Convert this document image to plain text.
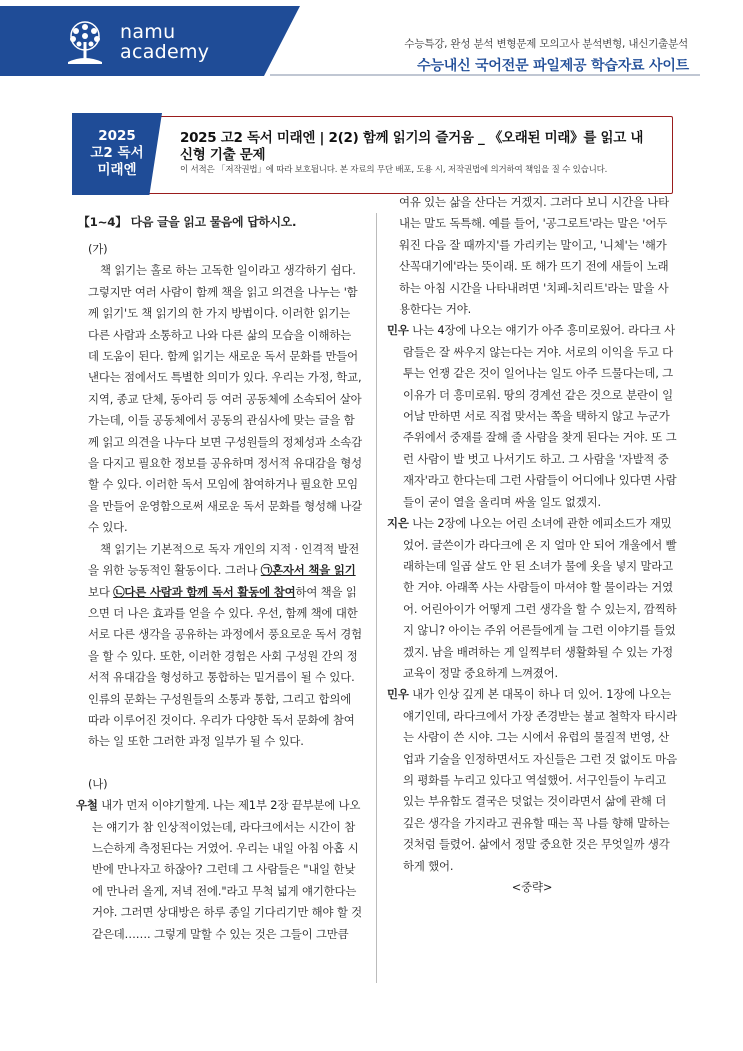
namu
academy	수능특강, 완성 분석 변형문제 모의고사 분석변형, 내신기출분석
수능내신 국어전문 파일제공 학습자료 사이트
2025
고2 독서
미래엔
2025 고2 독서 미래엔 | 2(2) 함께 읽기의 즐거움 _ 《오래된 미래》를 읽고 내신형 기출 문제
이 서적은 「저작권법」에 따라 보호됩니다. 본 자료의 무단 배포, 도용 시, 저작권법에 의거하여 책임을 질 수 있습니다.
【1~4】 다음 글을 읽고 물음에 답하시오.

(가)

책 읽기는 홀로 하는 고독한 일이라고 생각하기 쉽다. 그렇지만 여러 사람이 함께 책을 읽고 의견을 나누는 '함께 읽기'도 책 읽기의 한 가지 방법이다. 이러한 읽기는 다른 사람과 소통하고 나와 다른 삶의 모습을 이해하는 데 도움이 된다. 함께 읽기는 새로운 독서 문화를 만들어 낸다는 점에서도 특별한 의미가 있다. 우리는 가정, 학교, 지역, 종교 단체, 동아리 등 여러 공동체에 소속되어 살아가는데, 이들 공동체에서 공동의 관심사에 맞는 글을 함께 읽고 의견을 나누다 보면 구성원들의 정체성과 소속감을 다지고 필요한 정보를 공유하며 정서적 유대감을 형성할 수 있다. 이러한 독서 모임에 참여하거나 필요한 모임을 만들어 운영함으로써 새로운 독서 문화를 형성해 나갈 수 있다.

책 읽기는 기본적으로 독자 개인의 지적 · 인격적 발전을 위한 능동적인 활동이다. 그러나 ㉠혼자서 책을 읽기보다 ㉡다른 사람과 함께 독서 활동에 참여하여 책을 읽으면 더 나은 효과를 얻을 수 있다. 우선, 함께 책에 대한 서로 다른 생각을 공유하는 과정에서 풍요로운 독서 경험을 할 수 있다. 또한, 이러한 경험은 사회 구성원 간의 정서적 유대감을 형성하고 통합하는 밑거름이 될 수 있다. 인류의 문화는 구성원들의 소통과 통합, 그리고 합의에 따라 이루어진 것이다. 우리가 다양한 독서 문화에 참여하는 일 또한 그러한 과정 일부가 될 수 있다.

(나)

우철 내가 먼저 이야기할게. 나는 제1부 2장 끝부분에 나오는 얘기가 참 인상적이었는데, 라다크에서는 시간이 참 느슨하게 측정된다는 거였어. 우리는 내일 아침 아홉 시 반에 만나자고 하잖아? 그런데 그 사람들은 "내일 한낮에 만나러 올게, 저녁 전에."라고 무척 넓게 얘기한다는 거야. 그러면 상대방은 하루 종일 기다리기만 해야 할 것 같은데……. 그렇게 말할 수 있는 것은 그들이 그만큼

여유 있는 삶을 산다는 거겠지. 그러다 보니 시간을 나타내는 말도 독특해. 예를 들어, '공그로트'라는 말은 '어두워진 다음 잘 때까지'를 가리키는 말이고, '니체'는 '해가 산꼭대기에'라는 뜻이래. 또 해가 뜨기 전에 새들이 노래하는 아침 시간을 나타내려면 '치페-치리트'라는 말을 사용한다는 거야.

민우 나는 4장에 나오는 얘기가 아주 흥미로웠어. 라다크 사람들은 잘 싸우지 않는다는 거야. 서로의 이익을 두고 다투는 언쟁 같은 것이 일어나는 일도 아주 드물다는데, 그 이유가 더 흥미로워. 땅의 경계선 같은 것으로 분란이 일어날 만하면 서로 직접 맞서는 쪽을 택하지 않고 누군가 주위에서 중재를 잘해 줄 사람을 찾게 된다는 거야. 또 그런 사람이 발 벗고 나서기도 하고. 그 사람을 '자발적 중재자'라고 한다는데 그런 사람들이 어디에나 있다면 사람들이 굳이 열을 올리며 싸울 일도 없겠지.

지은 나는 2장에 나오는 어린 소녀에 관한 에피소드가 재밌었어. 글쓴이가 라다크에 온 지 얼마 안 되어 개울에서 빨래하는데 일곱 살도 안 된 소녀가 물에 옷을 넣지 말라고 한 거야. 아래쪽 사는 사람들이 마셔야 할 물이라는 거였어. 어린아이가 어떻게 그런 생각을 할 수 있는지, 깜찍하지 않니? 아이는 주위 어른들에게 늘 그런 이야기를 들었겠지. 남을 배려하는 게 일찍부터 생활화될 수 있는 가정 교육이 정말 중요하게 느껴졌어.

민우 내가 인상 깊게 본 대목이 하나 더 있어. 1장에 나오는 얘기인데, 라다크에서 가장 존경받는 불교 철학자 타시라는 사람이 쓴 시야. 그는 시에서 유럽의 물질적 번영, 산업과 기술을 인정하면서도 자신들은 그런 것 없이도 마음의 평화를 누리고 있다고 역설했어. 서구인들이 누리고 있는 부유함도 결국은 덧없는 것이라면서 삶에 관해 더 깊은 생각을 가지라고 권유할 때는 꼭 나를 향해 말하는 것처럼 들렸어. 삶에서 정말 중요한 것은 무엇일까 생각하게 했어.

<중략>
